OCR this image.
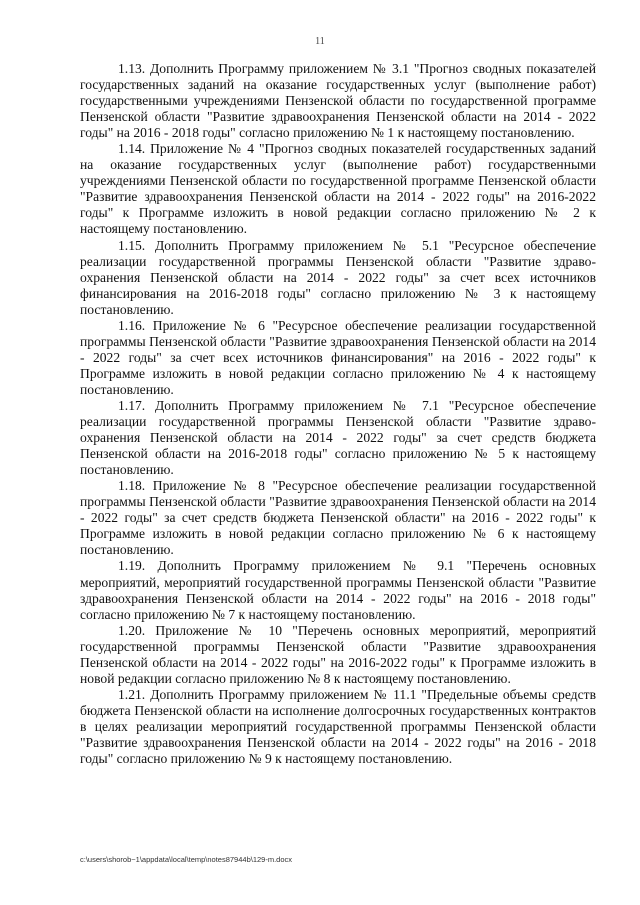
11

1.13. Дополнить Программу приложением № 3.1 "Прогноз сводных показателей государственных заданий на оказание государственных услуг (выполнение работ) государственными учреждениями Пензенской области по государственной программе Пензенской области "Развитие здравоохранения Пензенской области на 2014 - 2022 годы" на 2016 - 2018 годы" согласно приложению № 1 к настоящему постановлению.

1.14. Приложение № 4 "Прогноз сводных показателей государственных заданий на оказание государственных услуг (выполнение работ) государственными учреждениями Пензенской области по государственной программе Пензенской области "Развитие здравоохранения Пензенской области на 2014 - 2022 годы" на 2016-2022 годы" к Программе изложить в новой редакции согласно приложению № 2 к настоящему постановлению.

1.15. Дополнить Программу приложением № 5.1 "Ресурсное обеспечение реализации государственной программы Пензенской области "Развитие здравоохранения Пензенской области на 2014 - 2022 годы" за счет всех источников финансирования на 2016-2018 годы" согласно приложению № 3 к настоящему постановлению.

1.16. Приложение № 6 "Ресурсное обеспечение реализации государственной программы Пензенской области "Развитие здравоохранения Пензенской области на 2014 - 2022 годы" за счет всех источников финансирования" на 2016 - 2022 годы" к Программе изложить в новой редакции согласно приложению № 4 к настоящему постановлению.

1.17. Дополнить Программу приложением № 7.1 "Ресурсное обеспечение реализации государственной программы Пензенской области "Развитие здравоохранения Пензенской области на 2014 - 2022 годы" за счет средств бюджета Пензенской области на 2016-2018 годы" согласно приложению № 5 к настоящему постановлению.

1.18. Приложение № 8 "Ресурсное обеспечение реализации государственной программы Пензенской области "Развитие здравоохранения Пензенской области на 2014 - 2022 годы" за счет средств бюджета Пензенской области" на 2016 - 2022 годы" к Программе изложить в новой редакции согласно приложению № 6 к настоящему постановлению.

1.19. Дополнить Программу приложением № 9.1 "Перечень основных мероприятий, мероприятий государственной программы Пензенской области "Развитие здравоохранения Пензенской области на 2014 - 2022 годы" на 2016 - 2018 годы" согласно приложению № 7 к настоящему постановлению.

1.20. Приложение № 10 "Перечень основных мероприятий, мероприятий государственной программы Пензенской области "Развитие здравоохранения Пензенской области на 2014 - 2022 годы" на 2016-2022 годы" к Программе изложить в новой редакции согласно приложению № 8 к настоящему постановлению.

1.21. Дополнить Программу приложением № 11.1 "Предельные объемы средств бюджета Пензенской области на исполнение долгосрочных государственных контрактов в целях реализации мероприятий государственной программы Пензенской области "Развитие здравоохранения Пензенской области на 2014 - 2022 годы" на 2016 - 2018 годы" согласно приложению № 9 к настоящему постановлению.

c:\users\shorob~1\appdata\local\temp\notes87944b\129-m.docx
